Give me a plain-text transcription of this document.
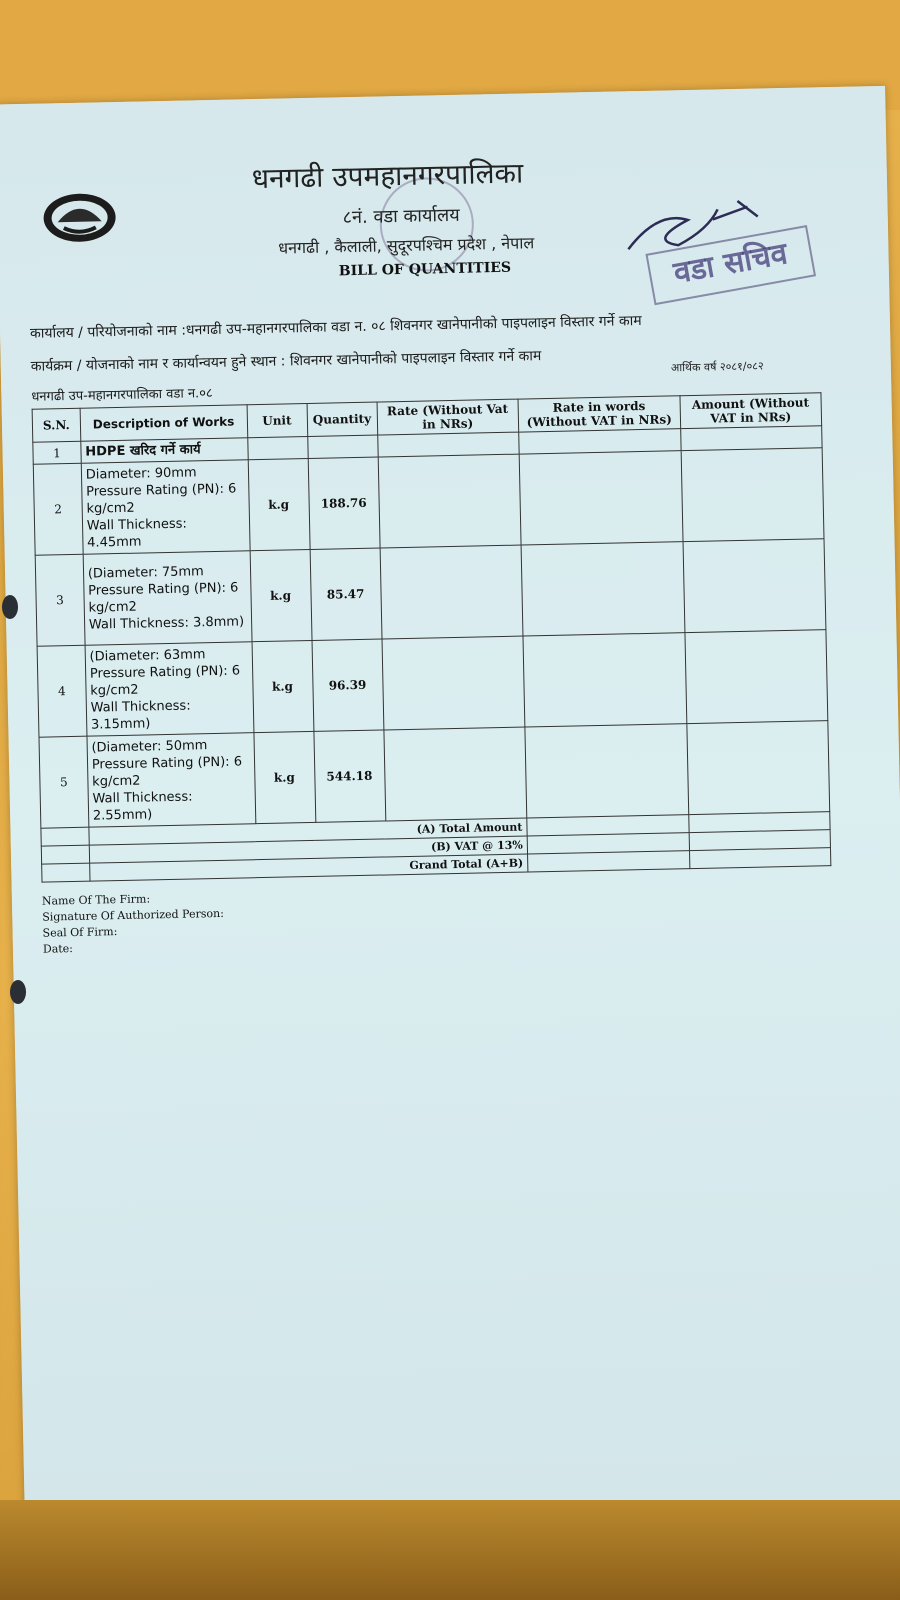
धनगढी उपमहानगरपालिका
८नं. वडा कार्यालय
धनगढी , कैलाली, सुदूरपश्चिम प्रदेश , नेपाल
BILL OF QUANTITIES	वडा सचिव
कार्यालय / परियोजनाको नाम :धनगढी उप-महानगरपालिका वडा न. ०८ शिवनगर खानेपानीको पाइपलाइन विस्तार गर्ने काम
कार्यक्रम / योजनाको नाम र कार्यान्वयन हुने स्थान : शिवनगर खानेपानीको पाइपलाइन विस्तार गर्ने काम	आर्थिक वर्ष २०८१/०८२
धनगढी उप-महानगरपालिका वडा न.०८
S.N.	Description of Works	Unit	Quantity	Rate (Without Vat in NRs)	Rate in words (Without VAT in NRs)	Amount (Without VAT in NRs)
1	HDPE खरिद गर्ने कार्य					
2	Diameter: 90mm
Pressure Rating (PN): 6 kg/cm2
Wall Thickness: 4.45mm	k.g	188.76			
3	(Diameter: 75mm
Pressure Rating (PN): 6 kg/cm2
Wall Thickness: 3.8mm)	k.g	85.47			
4	(Diameter: 63mm
Pressure Rating (PN): 6 kg/cm2
Wall Thickness: 3.15mm)	k.g	96.39			
5	(Diameter: 50mm
Pressure Rating (PN): 6 kg/cm2
Wall Thickness: 2.55mm)	k.g	544.18			
	(A) Total Amount					
	(B) VAT @ 13%					
	Grand Total (A+B)					
Name Of The Firm:
Signature Of Authorized Person:
Seal Of Firm:
Date:
